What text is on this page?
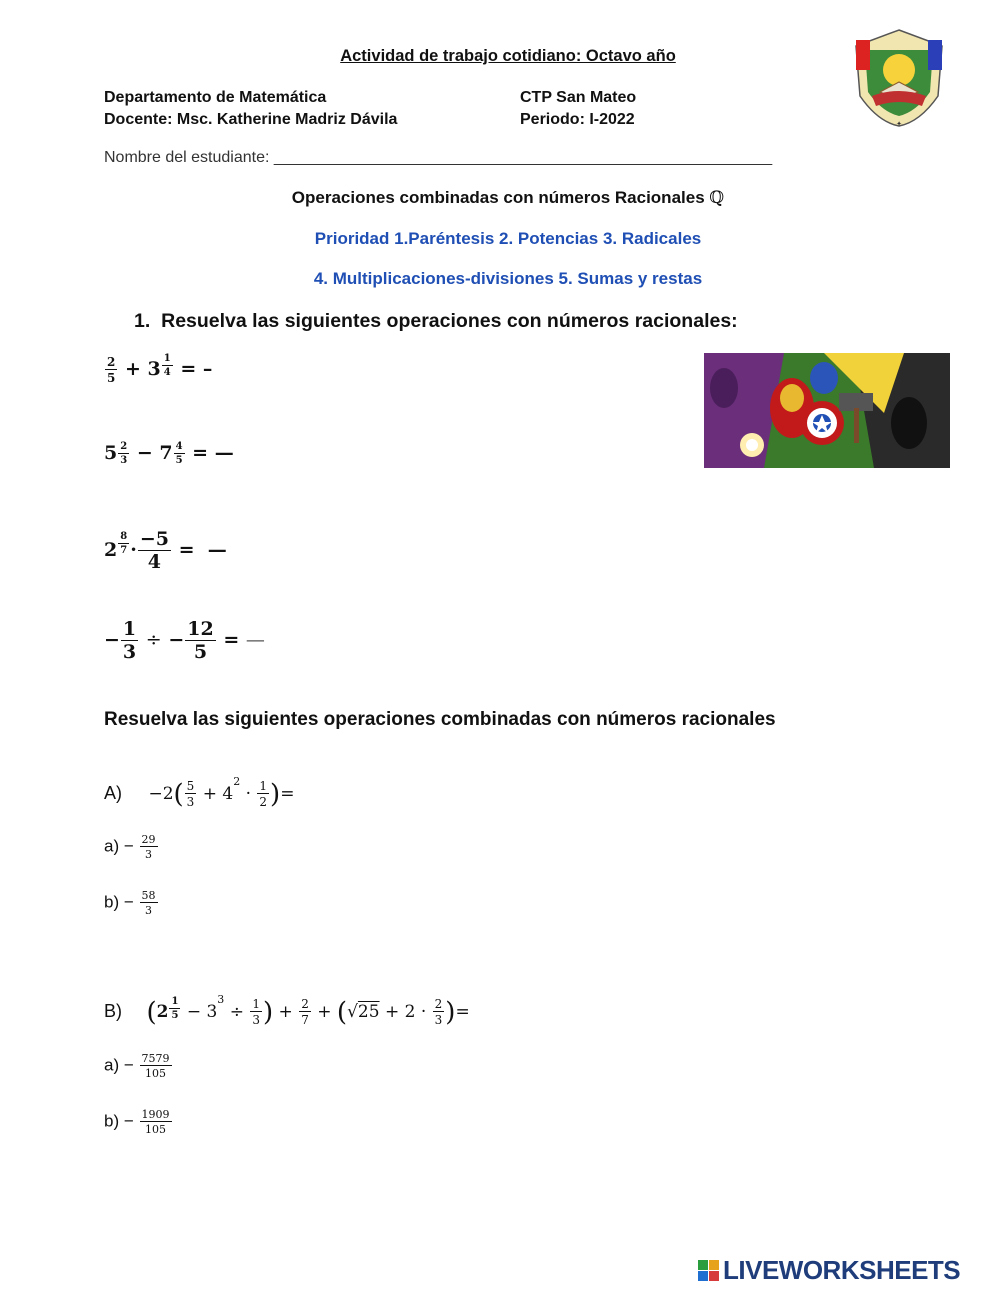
Actividad de trabajo cotidiano: Octavo año
Departamento de Matemática	CTP San Mateo
Docente: Msc. Katherine Madriz Dávila	Periodo: I-2022
Nombre del estudiante: ________________________________________________________
✦
Operaciones combinadas con números Racionales ℚ
Prioridad 1.Paréntesis 2. Potencias 3. Radicales
4. Multiplicaciones-divisiones 5. Sumas y restas
1. Resuelva las siguientes operaciones con números racionales:
$\frac{2}{5} + 3 \frac{1}{4}$ = –
$5 \frac{2}{3} - 7 \frac{4}{5}$ = —
$2 \frac{8}{7} \cdot \frac{-5}{4}$ =  —
− $\frac{1}{3}$ ÷ − $\frac{12}{5}$ = —
Resuelva las siguientes operaciones combinadas con números racionales
$A) -2( \frac{5}{3} + 4^2 \cdot \frac{1}{2}$ )=
$a) - \frac{29}{3}$
$b) - \frac{58}{3}$
B) ($2 \frac{1}{5} - 3^3 \div \frac{1}{3}$ ) + $\frac{2}{7} + (√25 + 2 \cdot \frac{2}{3}$ )=
$a) - \frac{7579}{105}$
$b) - \frac{1909}{105}$
LIVEWORKSHEETS
